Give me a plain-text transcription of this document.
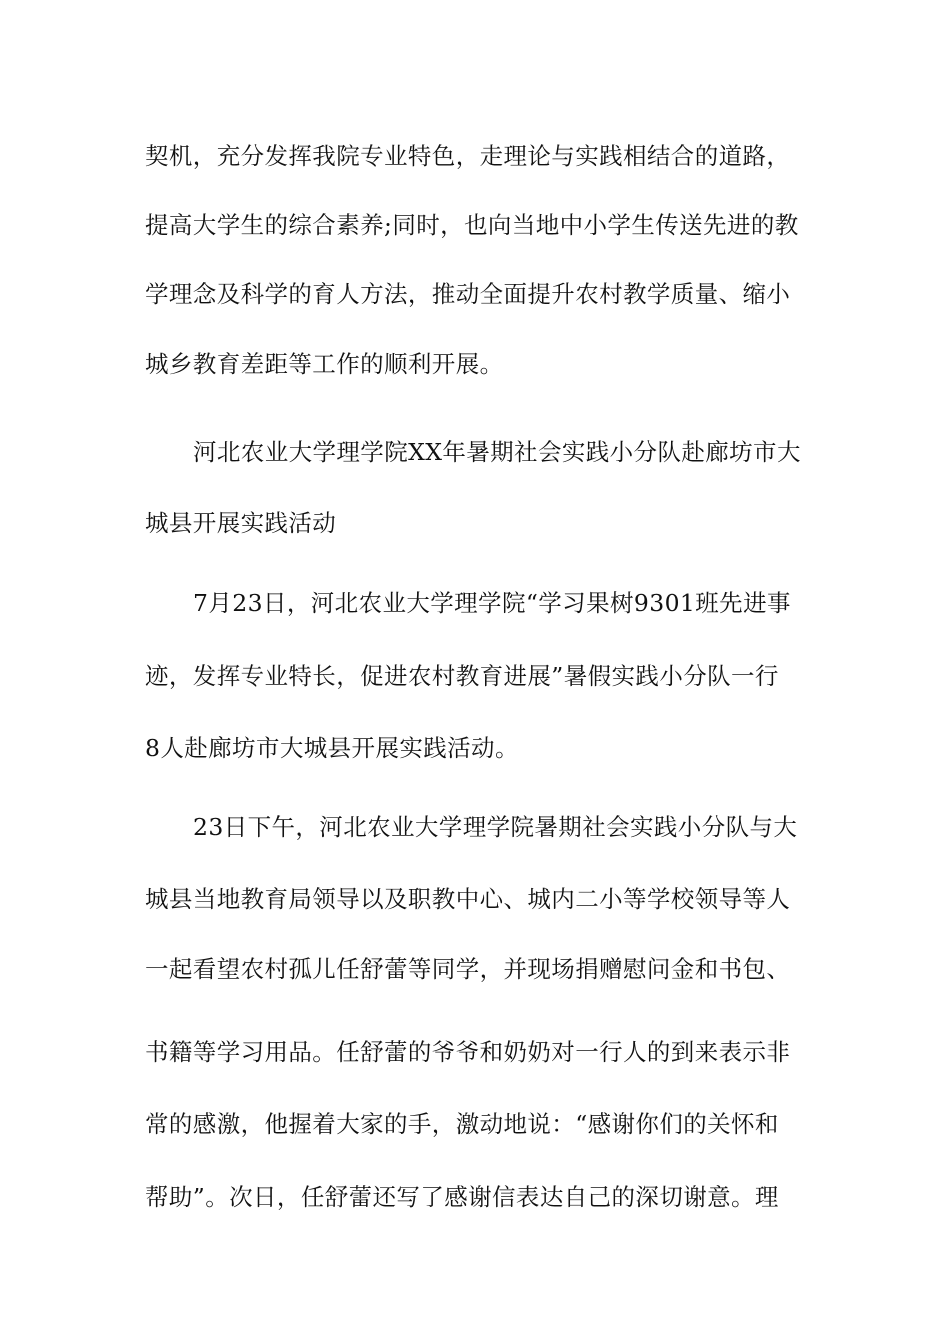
契机，充分发挥我院专业特色，走理论与实践相结合的道路，
提高大学生的综合素养;同时，也向当地中小学生传送先进的教
学理念及科学的育人方法，推动全面提升农村教学质量、缩小
城乡教育差距等工作的顺利开展。
河北农业大学理学院XX年暑期社会实践小分队赴廊坊市大
城县开展实践活动
7月23日，河北农业大学理学院“学习果树9301班先进事
迹，发挥专业特长，促进农村教育进展”暑假实践小分队一行
8人赴廊坊市大城县开展实践活动。
23日下午，河北农业大学理学院暑期社会实践小分队与大
城县当地教育局领导以及职教中心、城内二小等学校领导等人
一起看望农村孤儿任舒蕾等同学，并现场捐赠慰问金和书包、
书籍等学习用品。任舒蕾的爷爷和奶奶对一行人的到来表示非
常的感激，他握着大家的手，激动地说：“感谢你们的关怀和
帮助”。次日，任舒蕾还写了感谢信表达自己的深切谢意。理
